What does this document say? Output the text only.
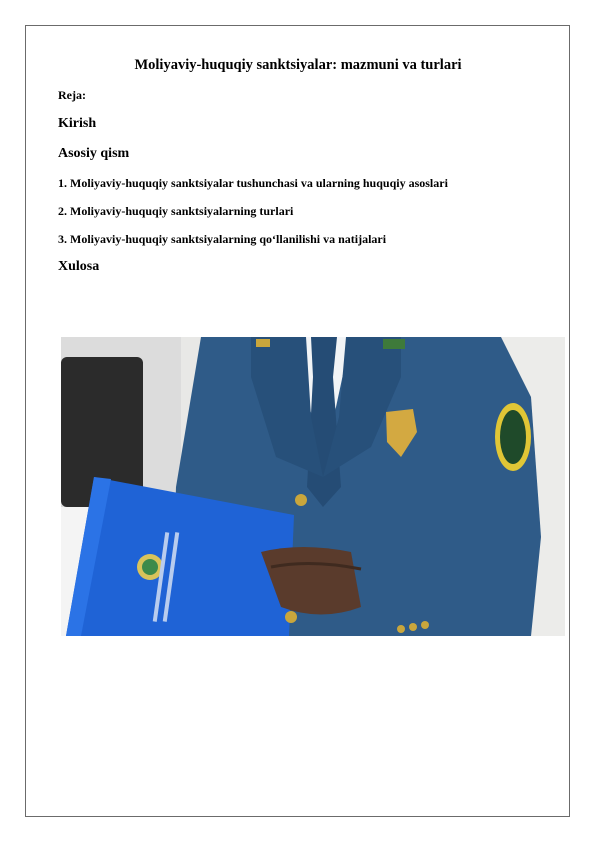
Moliyaviy-huquqiy sanktsiyalar: mazmuni va turlari
Reja:
Kirish
Asosiy qism
1. Moliyaviy-huquqiy sanktsiyalar tushunchasi va ularning huquqiy asoslari
2. Moliyaviy-huquqiy sanktsiyalarning turlari
3. Moliyaviy-huquqiy sanktsiyalarning qo‘llanilishi va natijalari
Xulosa
